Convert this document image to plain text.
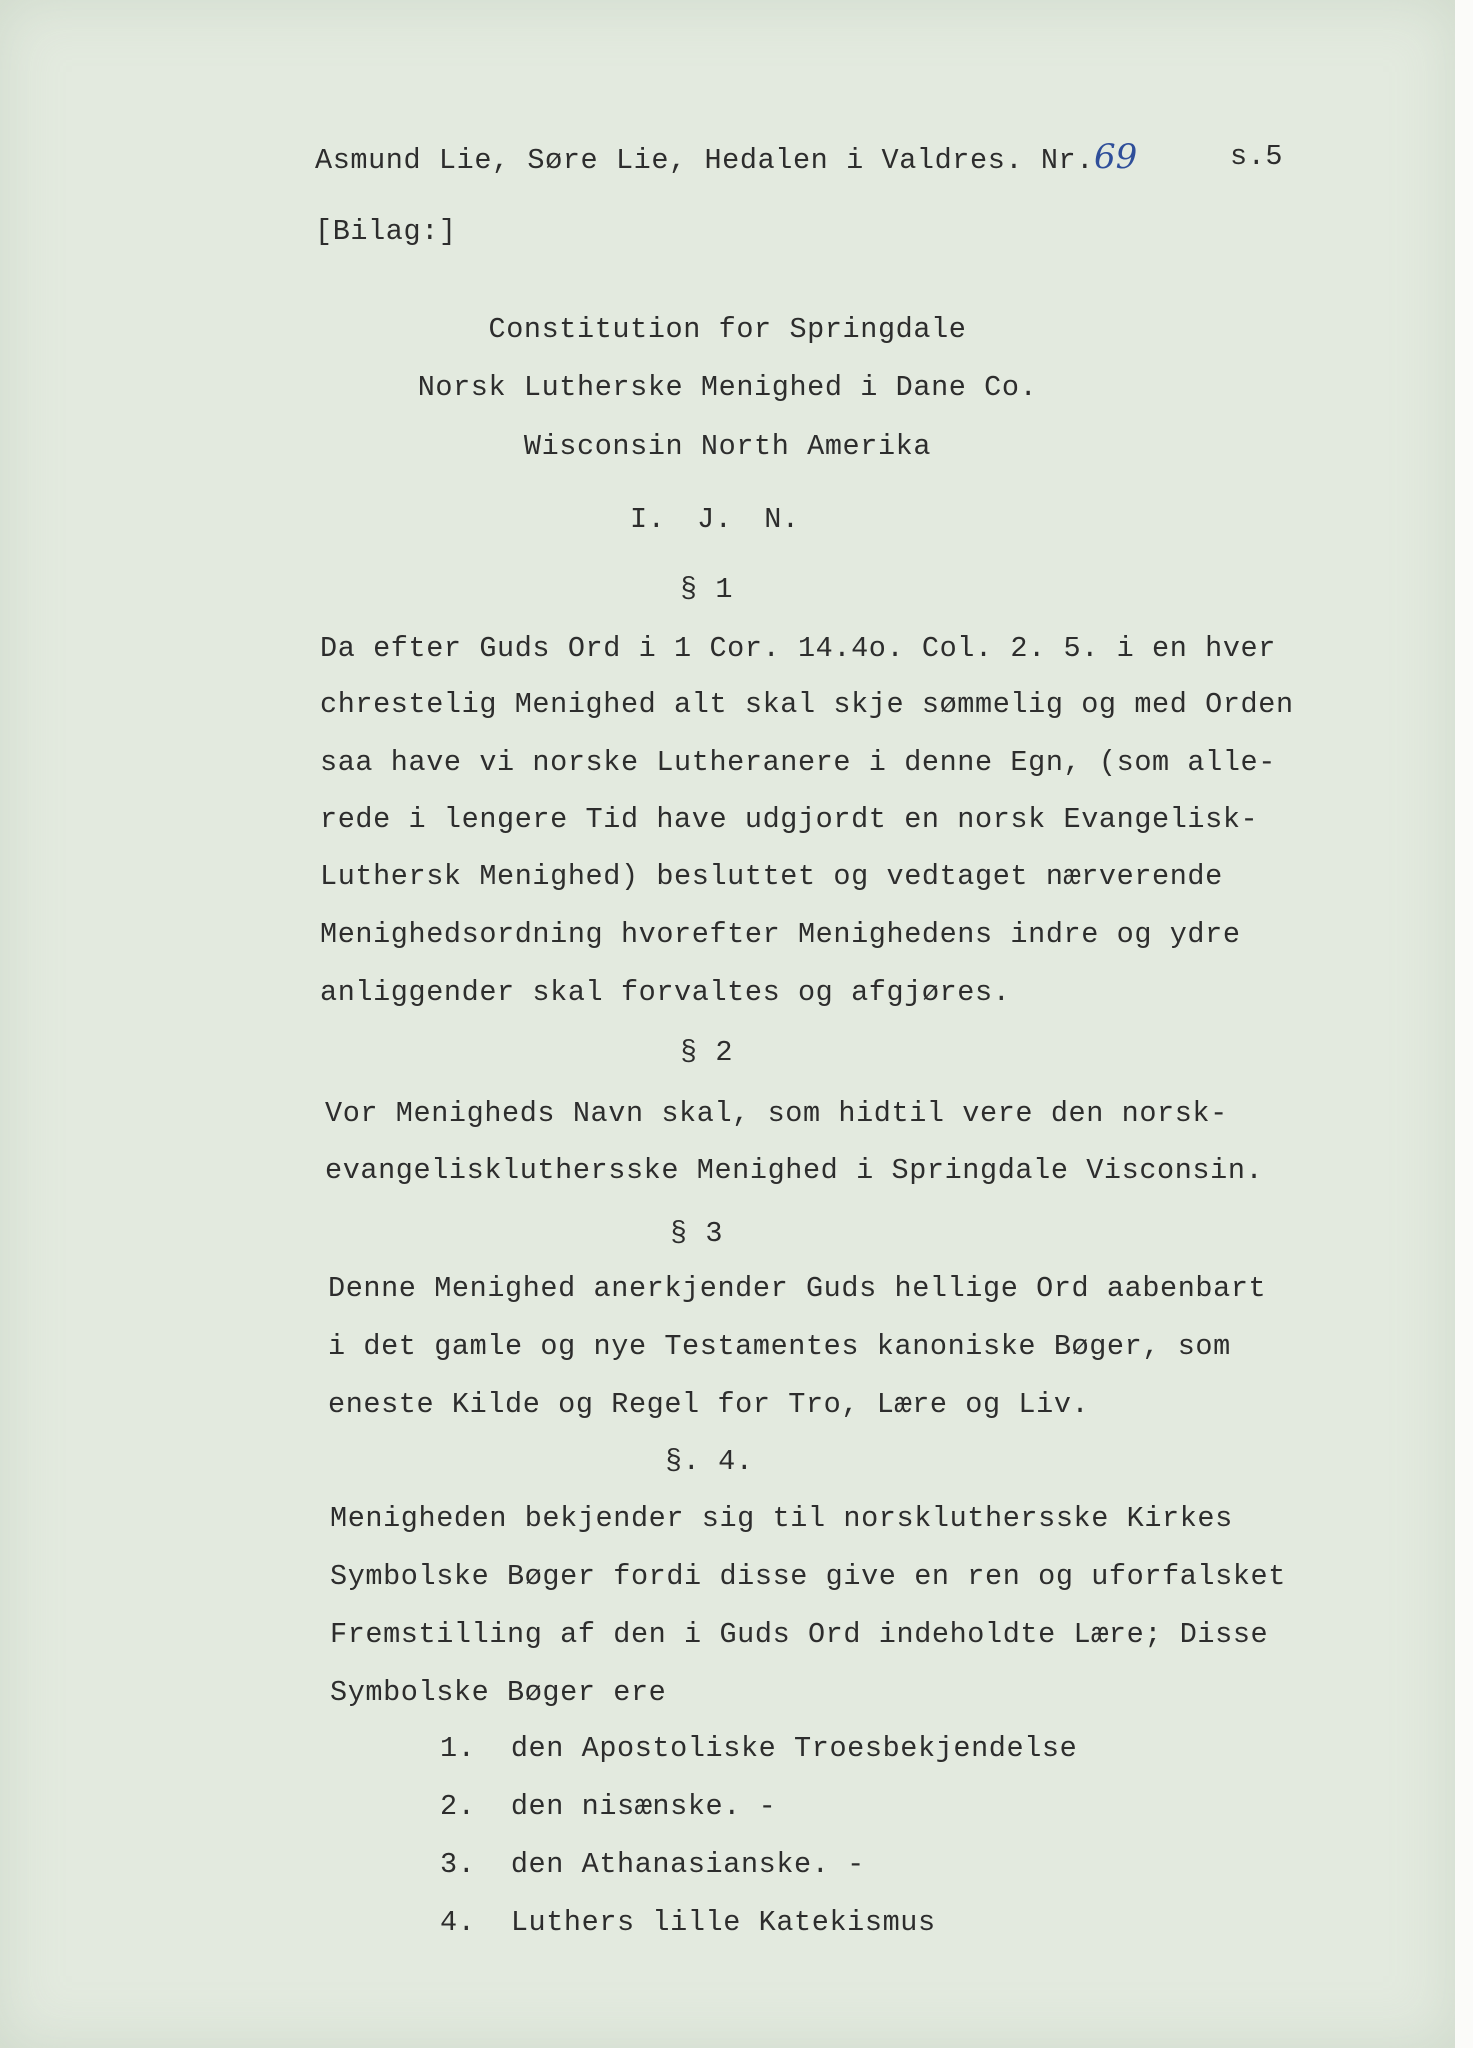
Asmund Lie, Søre Lie, Hedalen i Valdres. Nr.69	s.5
[Bilag:]
Constitution for Springdale
Norsk Lutherske Menighed i Dane Co.
Wisconsin North Amerika
I. J. N.
§ 1
Da efter Guds Ord i 1 Cor. 14.4o. Col. 2. 5. i en hver
chrestelig Menighed alt skal skje sømmelig og med Orden
saa have vi norske Lutheranere i denne Egn, (som alle-
rede i lengere Tid have udgjordt en norsk Evangelisk-
Luthersk Menighed) besluttet og vedtaget nærverende
Menighedsordning hvorefter Menighedens indre og ydre
anliggender skal forvaltes og afgjøres.
§ 2
Vor Menigheds Navn skal, som hidtil vere den norsk-
evangeliskluthersske Menighed i Springdale Visconsin.
§ 3
Denne Menighed anerkjender Guds hellige Ord aabenbart
i det gamle og nye Testamentes kanoniske Bøger, som
eneste Kilde og Regel for Tro, Lære og Liv.
§. 4.
Menigheden bekjender sig til norskluthersske Kirkes
Symbolske Bøger fordi disse give en ren og uforfalsket
Fremstilling af den i Guds Ord indeholdte Lære; Disse
Symbolske Bøger ere
1. den Apostoliske Troesbekjendelse
2. den nisænske. -
3. den Athanasianske. -
4. Luthers lille Katekismus
